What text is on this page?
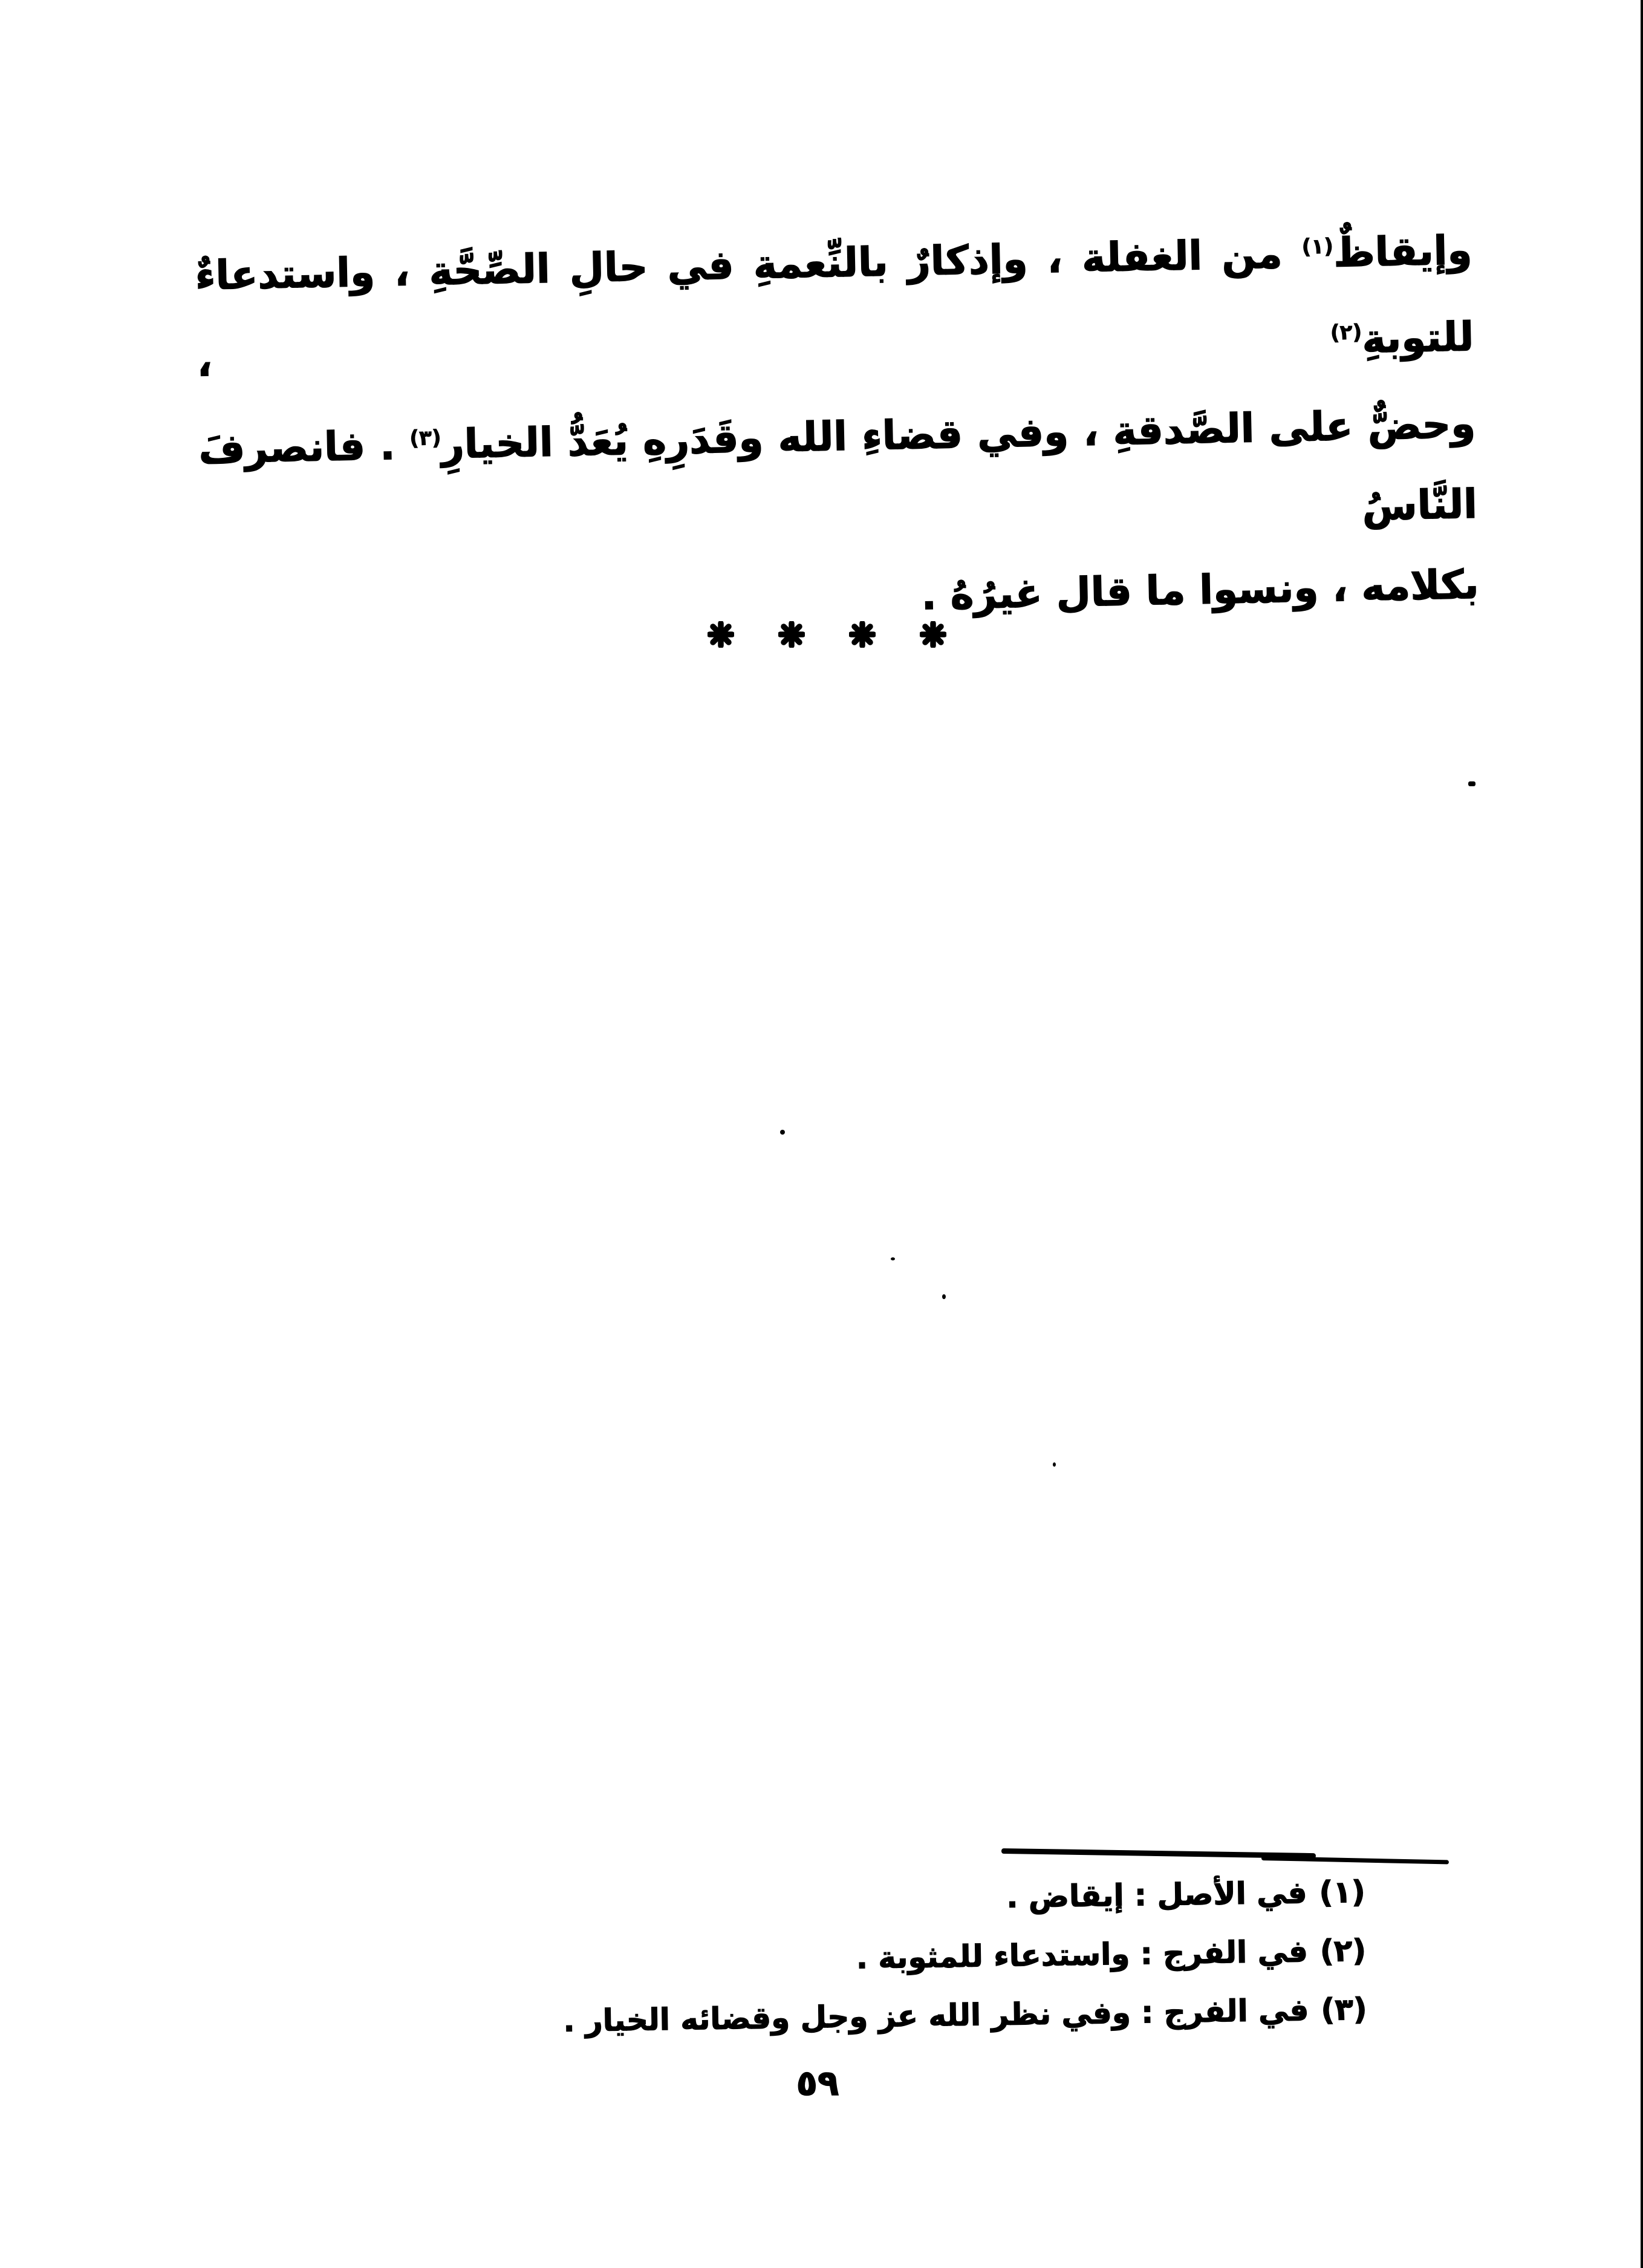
وإيقاظٌ$^{(١)}$ من الغفلة ، وإذكارٌ بالنِّعمةِ في حالِ الصِّحَّةِ ، واستدعاءٌ للتوبةِ$^{(٢)}$ ،
وحضٌّ على الصَّدقةِ ، وفي قضاءِ الله وقَدَرِهِ يُعَدُّ الخيارِ$^{(٣)}$ . فانصرفَ النَّاسُ
بكلامه ، ونسوا ما قال غيرُهُ .
(١)في الأصل : إيقاض .
(٢)في الفرج : واستدعاء للمثوبة .
(٣)في الفرج : وفي نظر الله عز وجل وقضائه الخيار .
٥٩
